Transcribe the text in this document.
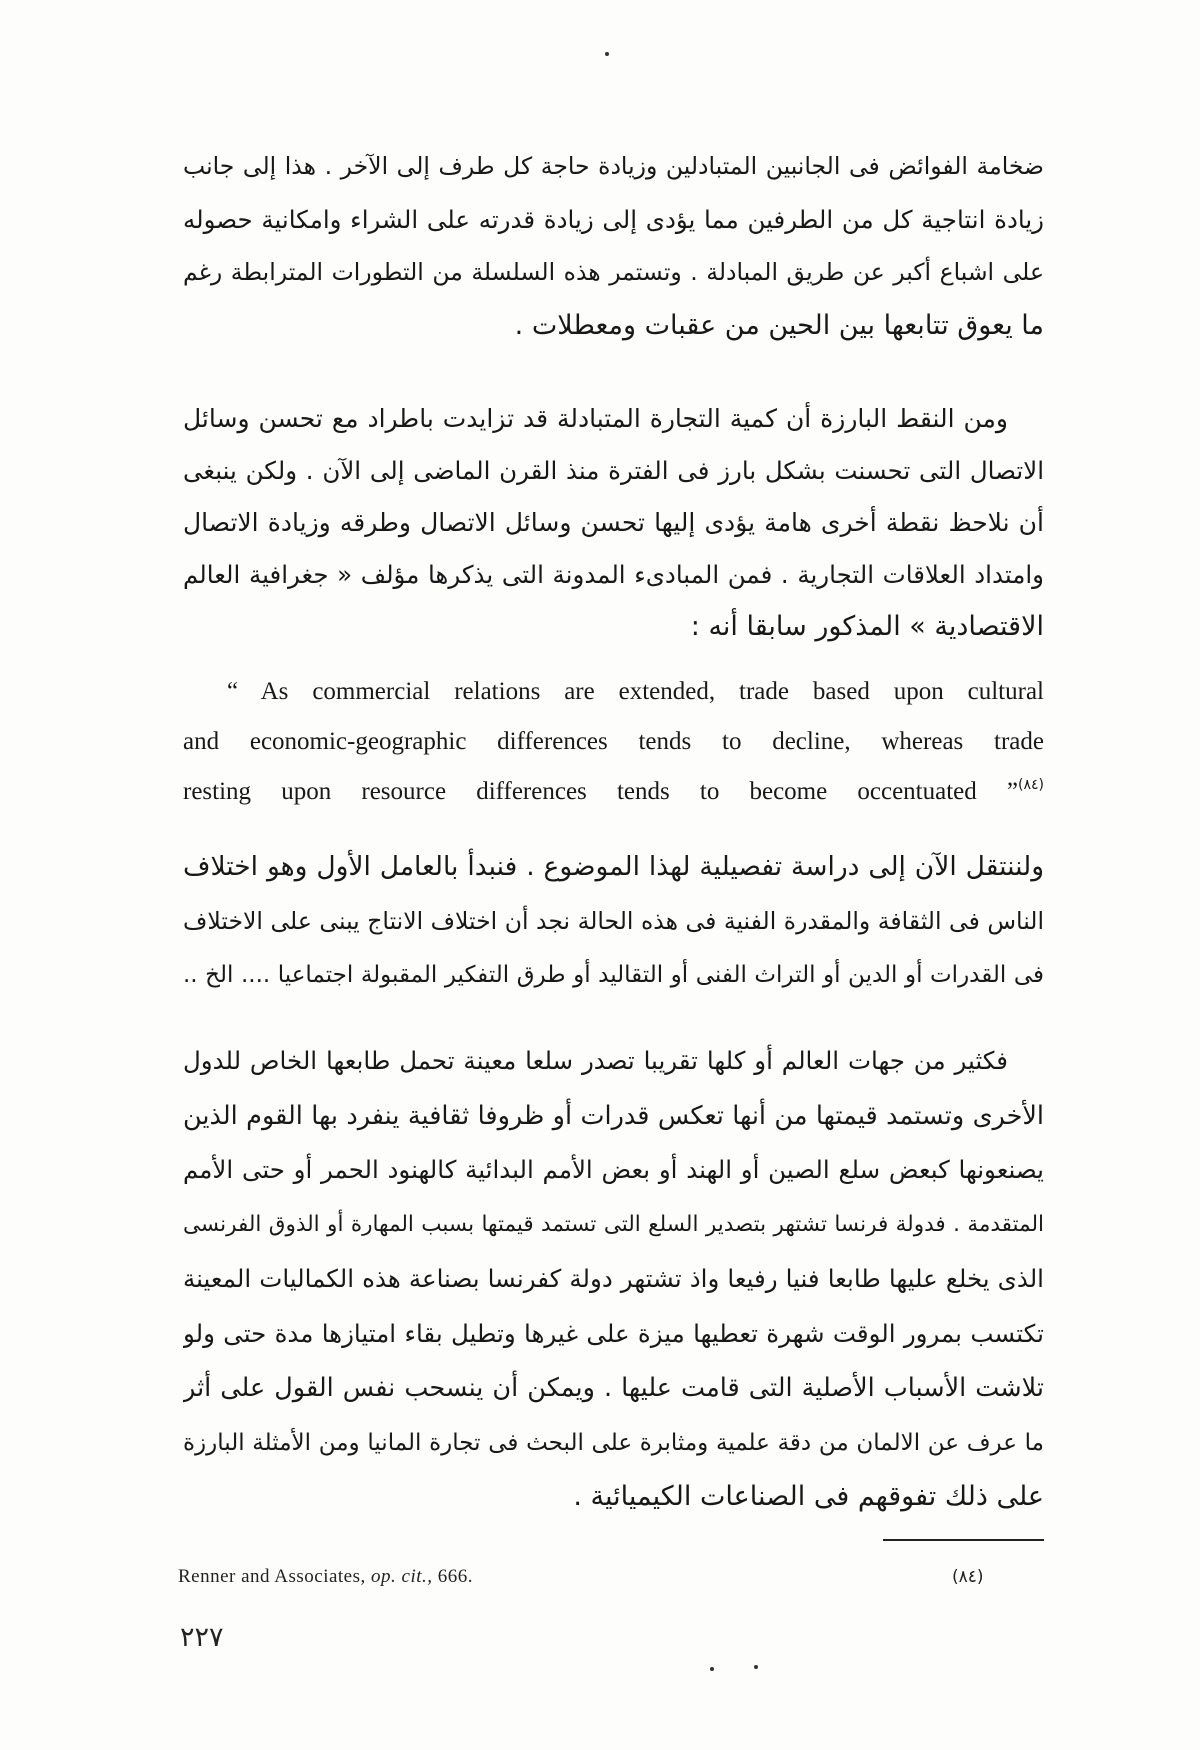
ضخامة الفوائض فى الجانبين المتبادلين وزيادة حاجة كل طرف إلى الآخر . هذا إلى جانب
زيادة انتاجية كل من الطرفين مما يؤدى إلى زيادة قدرته على الشراء وامكانية حصوله
على اشباع أكبر عن طريق المبادلة . وتستمر هذه السلسلة من التطورات المترابطة رغم
ما يعوق تتابعها بين الحين من عقبات ومعطلات .
ومن النقط البارزة أن كمية التجارة المتبادلة قد تزايدت باطراد مع تحسن وسائل
الاتصال التى تحسنت بشكل بارز فى الفترة منذ القرن الماضى إلى الآن . ولكن ينبغى
أن نلاحظ نقطة أخرى هامة يؤدى إليها تحسن وسائل الاتصال وطرقه وزيادة الاتصال
وامتداد العلاقات التجارية . فمن المبادىء المدونة التى يذكرها مؤلف « جغرافية العالم
الاقتصادية » المذكور سابقا أنه :
“ As commercial relations are extended, trade based upon cultural
and economic-geographic differences tends to decline, whereas trade
resting upon resource differences tends to become occentuated ”$^{(٨٤)}$
ولننتقل الآن إلى دراسة تفصيلية لهذا الموضوع . فنبدأ بالعامل الأول وهو اختلاف
الناس فى الثقافة والمقدرة الفنية فى هذه الحالة نجد أن اختلاف الانتاج يبنى على الاختلاف
فى القدرات أو الدين أو التراث الفنى أو التقاليد أو طرق التفكير المقبولة اجتماعيا .... الخ ..
فكثير من جهات العالم أو كلها تقريبا تصدر سلعا معينة تحمل طابعها الخاص للدول
الأخرى وتستمد قيمتها من أنها تعكس قدرات أو ظروفا ثقافية ينفرد بها القوم الذين
يصنعونها كبعض سلع الصين أو الهند أو بعض الأمم البدائية كالهنود الحمر أو حتى الأمم
المتقدمة . فدولة فرنسا تشتهر بتصدير السلع التى تستمد قيمتها بسبب المهارة أو الذوق الفرنسى
الذى يخلع عليها طابعا فنيا رفيعا واذ تشتهر دولة كفرنسا بصناعة هذه الكماليات المعينة
تكتسب بمرور الوقت شهرة تعطيها ميزة على غيرها وتطيل بقاء امتيازها مدة حتى ولو
تلاشت الأسباب الأصلية التى قامت عليها . ويمكن أن ينسحب نفس القول على أثر
ما عرف عن الالمان من دقة علمية ومثابرة على البحث فى تجارة المانيا ومن الأمثلة البارزة
على ذلك تفوقهم فى الصناعات الكيميائية .
Renner and Associates, op. cit., 666.	(٨٤)
٢٢٧
